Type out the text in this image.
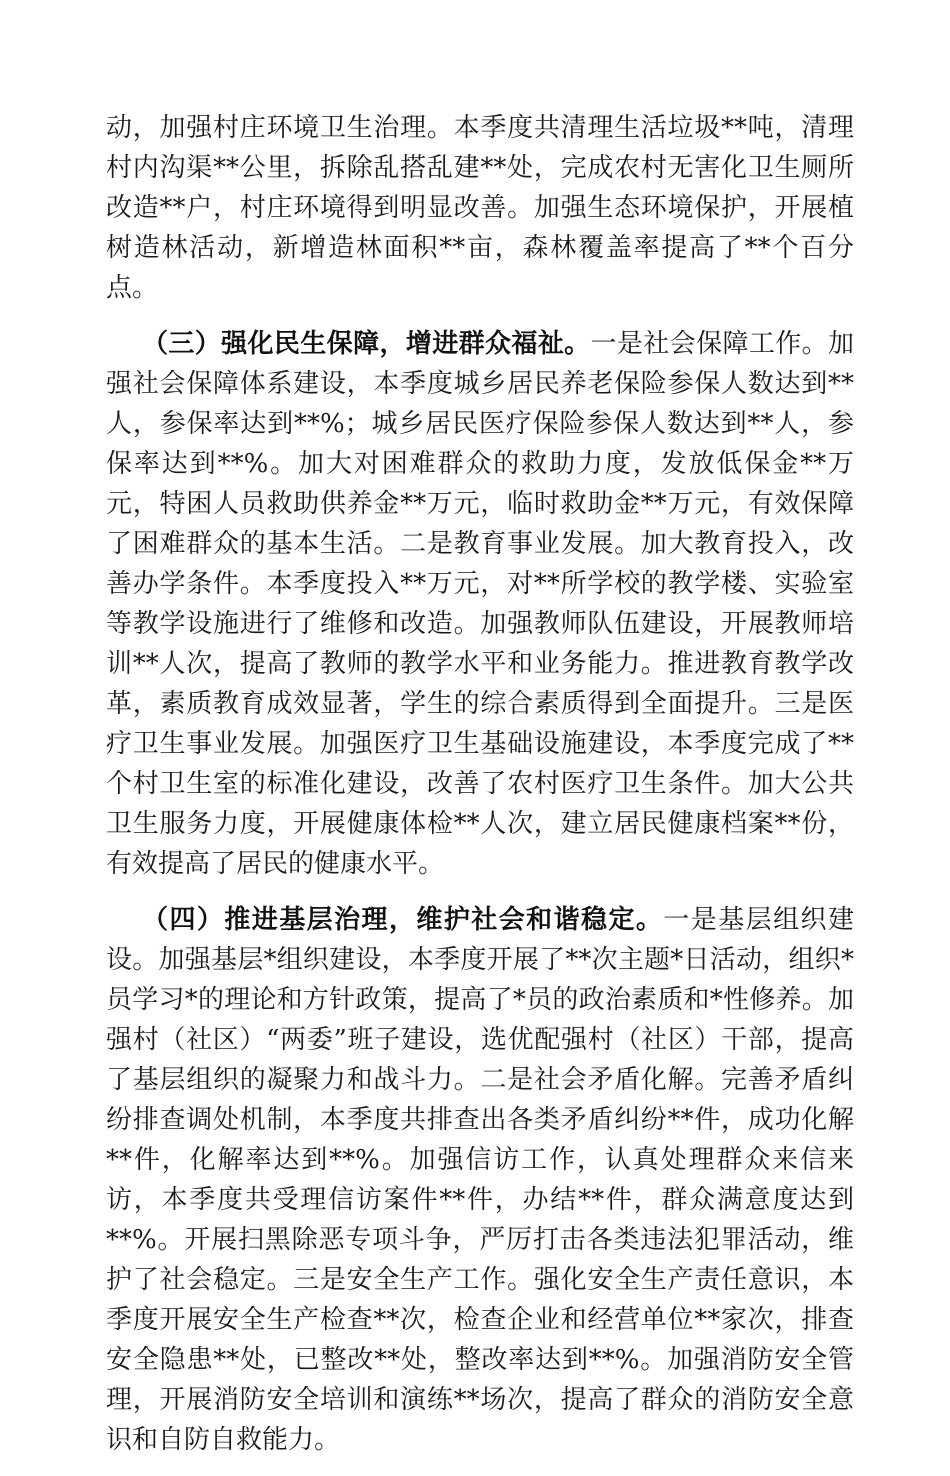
动，加强村庄环境卫生治理。本季度共清理生活垃圾**吨，清理村内沟渠**公里，拆除乱搭乱建**处，完成农村无害化卫生厕所改造**户，村庄环境得到明显改善。加强生态环境保护，开展植树造林活动，新增造林面积**亩，森林覆盖率提高了**个百分点。

（三）强化民生保障，增进群众福祉。一是社会保障工作。加强社会保障体系建设，本季度城乡居民养老保险参保人数达到**人，参保率达到**%；城乡居民医疗保险参保人数达到**人，参保率达到**%。加大对困难群众的救助力度，发放低保金**万元，特困人员救助供养金**万元，临时救助金**万元，有效保障了困难群众的基本生活。二是教育事业发展。加大教育投入，改善办学条件。本季度投入**万元，对**所学校的教学楼、实验室等教学设施进行了维修和改造。加强教师队伍建设，开展教师培训**人次，提高了教师的教学水平和业务能力。推进教育教学改革，素质教育成效显著，学生的综合素质得到全面提升。三是医疗卫生事业发展。加强医疗卫生基础设施建设，本季度完成了**个村卫生室的标准化建设，改善了农村医疗卫生条件。加大公共卫生服务力度，开展健康体检**人次，建立居民健康档案**份，有效提高了居民的健康水平。

（四）推进基层治理，维护社会和谐稳定。一是基层组织建设。加强基层*组织建设，本季度开展了**次主题*日活动，组织*员学习*的理论和方针政策，提高了*员的政治素质和*性修养。加强村（社区）“两委”班子建设，选优配强村（社区）干部，提高了基层组织的凝聚力和战斗力。二是社会矛盾化解。完善矛盾纠纷排查调处机制，本季度共排查出各类矛盾纠纷**件，成功化解**件，化解率达到**%。加强信访工作，认真处理群众来信来访，本季度共受理信访案件**件，办结**件，群众满意度达到**%。开展扫黑除恶专项斗争，严厉打击各类违法犯罪活动，维护了社会稳定。三是安全生产工作。强化安全生产责任意识，本季度开展安全生产检查**次，检查企业和经营单位**家次，排查安全隐患**处，已整改**处，整改率达到**%。加强消防安全管理，开展消防安全培训和演练**场次，提高了群众的消防安全意识和自防自救能力。
